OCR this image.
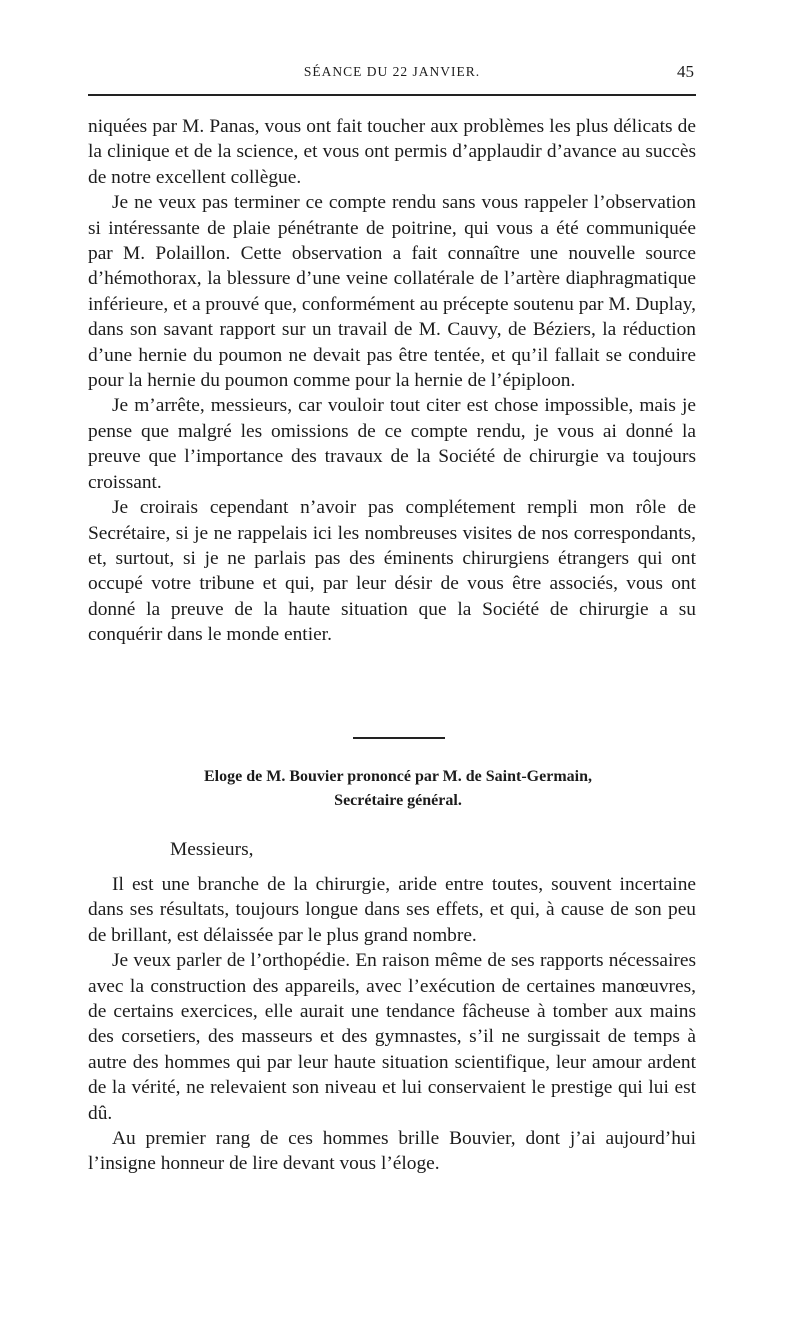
SÉANCE DU 22 JANVIER.	45

niquées par M. Panas, vous ont fait toucher aux problèmes les plus délicats de la clinique et de la science, et vous ont permis d’applaudir d’avance au succès de notre excellent collègue.

Je ne veux pas terminer ce compte rendu sans vous rappeler l’observation si intéressante de plaie pénétrante de poitrine, qui vous a été communiquée par M. Polaillon. Cette observation a fait connaître une nouvelle source d’hémothorax, la blessure d’une veine collatérale de l’artère diaphragmatique inférieure, et a prouvé que, conformément au précepte soutenu par M. Duplay, dans son savant rapport sur un travail de M. Cauvy, de Béziers, la réduction d’une hernie du poumon ne devait pas être tentée, et qu’il fallait se conduire pour la hernie du poumon comme pour la hernie de l’épiploon.

Je m’arrête, messieurs, car vouloir tout citer est chose impossible, mais je pense que malgré les omissions de ce compte rendu, je vous ai donné la preuve que l’importance des travaux de la Société de chirurgie va toujours croissant.

Je croirais cependant n’avoir pas complétement rempli mon rôle de Secrétaire, si je ne rappelais ici les nombreuses visites de nos correspondants, et, surtout, si je ne parlais pas des éminents chirurgiens étrangers qui ont occupé votre tribune et qui, par leur désir de vous être associés, vous ont donné la preuve de la haute situation que la Société de chirurgie a su conquérir dans le monde entier.

Eloge de M. Bouvier prononcé par M. de Saint-Germain,
Secrétaire général.
Messieurs,

Il est une branche de la chirurgie, aride entre toutes, souvent incertaine dans ses résultats, toujours longue dans ses effets, et qui, à cause de son peu de brillant, est délaissée par le plus grand nombre.

Je veux parler de l’orthopédie. En raison même de ses rapports nécessaires avec la construction des appareils, avec l’exécution de certaines manœuvres, de certains exercices, elle aurait une tendance fâcheuse à tomber aux mains des corsetiers, des masseurs et des gymnastes, s’il ne surgissait de temps à autre des hommes qui par leur haute situation scientifique, leur amour ardent de la vérité, ne relevaient son niveau et lui conservaient le prestige qui lui est dû.

Au premier rang de ces hommes brille Bouvier, dont j’ai aujourd’hui l’insigne honneur de lire devant vous l’éloge.
